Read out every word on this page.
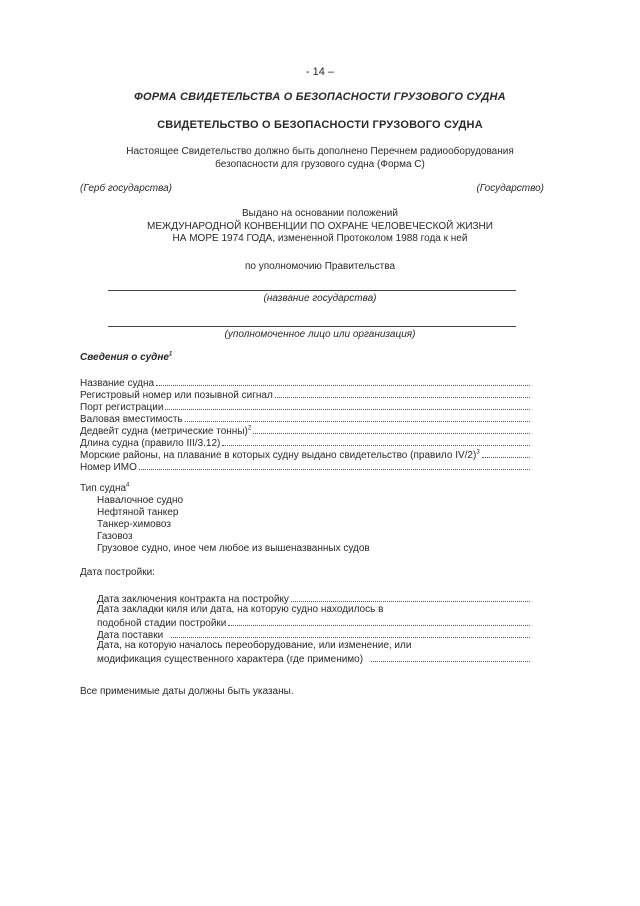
- 14 –
ФОРМА СВИДЕТЕЛЬСТВА О БЕЗОПАСНОСТИ ГРУЗОВОГО СУДНА
СВИДЕТЕЛЬСТВО О БЕЗОПАСНОСТИ ГРУЗОВОГО СУДНА
Настоящее Свидетельство должно быть дополнено Перечнем радиооборудования
безопасности для грузового судна (Форма С)
(Герб государства)	(Государство)
Выдано на основании положений
МЕЖДУНАРОДНОЙ КОНВЕНЦИИ ПО ОХРАНЕ ЧЕЛОВЕЧЕСКОЙ ЖИЗНИ
НА МОРЕ 1974 ГОДА, измененной Протоколом 1988 года к ней
по уполномочию Правительства
(название государства)
(уполномоченное лицо или организация)
Сведения о судне$^1$
Название судна
Регистровый номер или позывной сигнал
Порт регистрации
Валовая вместимость
Дедвейт судна (метрические тонны)$^2$
Длина судна (правило III/3.12)
Морские районы, на плавание в которых судну выдано свидетельство (правило IV/2)$^3$
Номер ИМО
Тип судна$^4$
Навалочное судно
Нефтяной танкер
Танкер-химовоз
Газовоз
Грузовое судно, иное чем любое из вышеназванных судов
Дата постройки:
Дата заключения контракта на постройку
Дата закладки киля или дата, на которую судно находилось в
подобной стадии постройки
Дата поставки
Дата, на которую началось переоборудование, или изменение, или
модификация существенного характера (где применимо)
Все применимые даты должны быть указаны.
